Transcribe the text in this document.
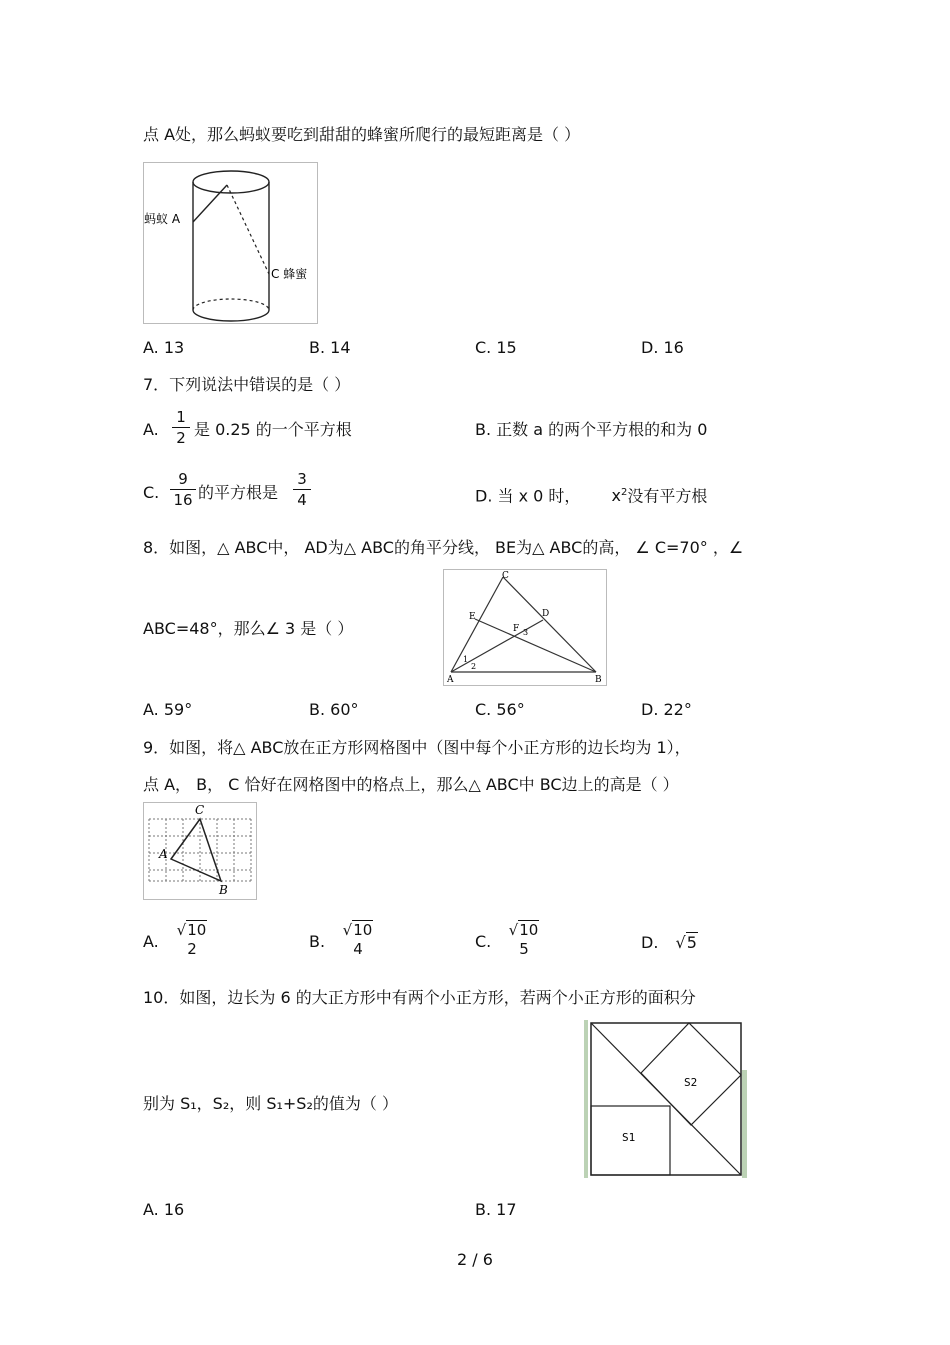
点 A处，那么蚂蚁要吃到甜甜的蜂蜜所爬行的最短距离是（ ）
蚂蚁 A
C 蜂蜜
A. 13	B. 14	C. 15	D. 16
7．下列说法中错误的是（ ）
A.
1
2 是 0.25 的一个平方根	B. 正数 a 的两个平方根的和为 0
C.
9
16 的平方根是
3
4	D. 当 x 0 时， $x^2$没有平方根
8．如图，△ ABC中， AD为△ ABC的角平分线， BE为△ ABC的高， ∠ C=70° ，∠
A	B
C
D
E
F
1
2
3
ABC=48°，那么∠ 3 是（ ）
A. 59°	B. 60°	C. 56°	D. 22°
9．如图，将△ ABC放在正方形网格图中（图中每个小正方形的边长均为 1），
点 A， B， C 恰好在网格图中的格点上，那么△ ABC中 BC边上的高是（ ）
C
A
B
A.
√10
2	B.
√10
4	C.
√10
5	D. √5
10．如图，边长为 6 的大正方形中有两个小正方形，若两个小正方形的面积分
S1
S2
别为 S₁，S₂，则 S₁+S₂的值为（ ）
A. 16	B. 17
2 / 6
